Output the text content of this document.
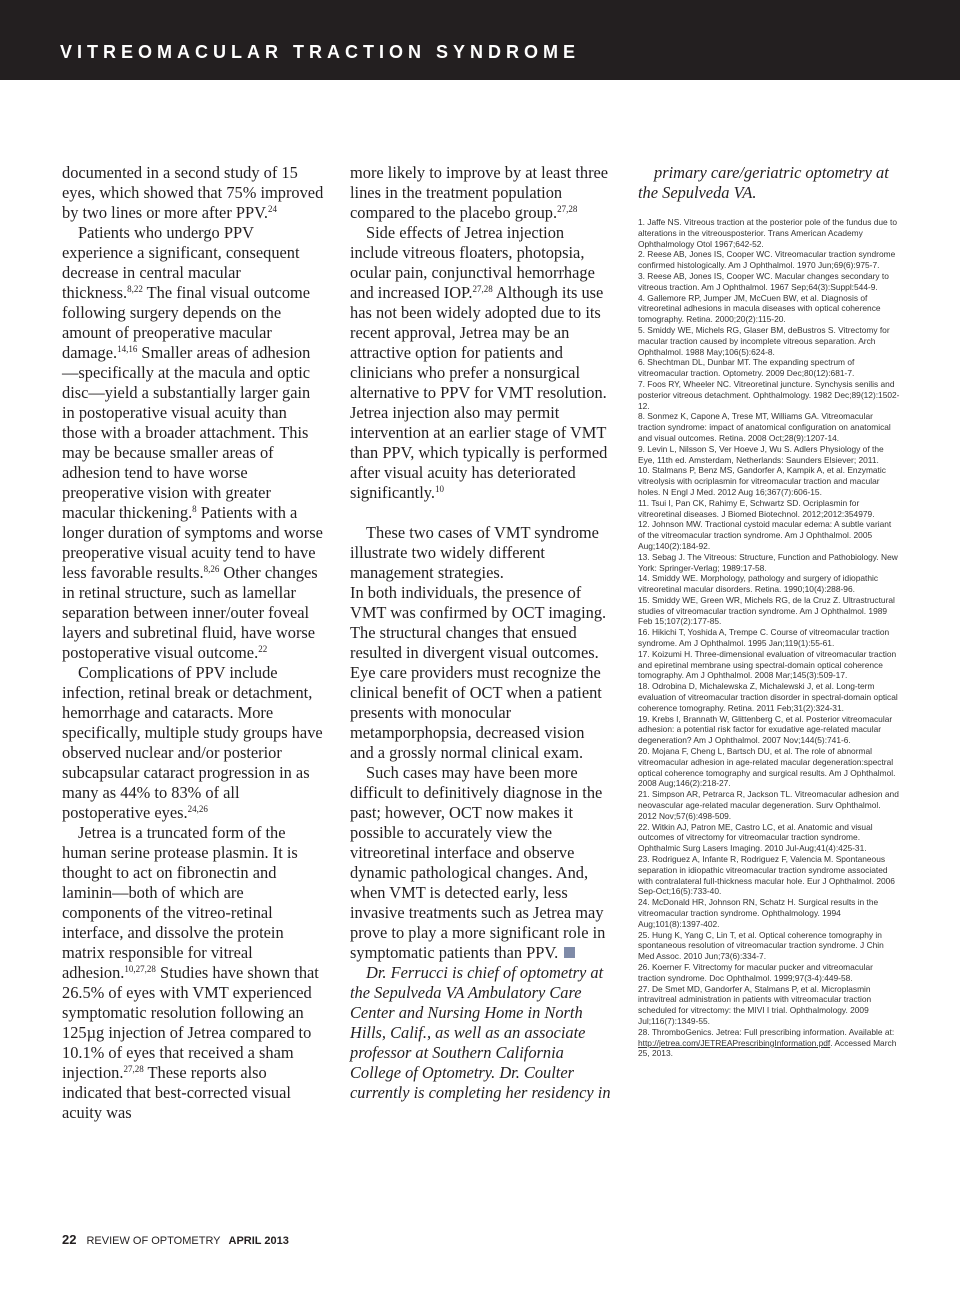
VITREOMACULAR TRACTION SYNDROME

documented in a second study of 15 eyes, which showed that 75% improved by two lines or more after PPV.$^{24}$

Patients who undergo PPV experience a significant, consequent decrease in central macular thickness.$^{8,22}$ The final visual outcome following surgery depends on the amount of preoperative macular damage.$^{14,16}$ Smaller areas of adhesion—specifically at the macula and optic disc—yield a substantially larger gain in postoperative visual acuity than those with a broader attachment. This may be because smaller areas of adhesion tend to have worse preoperative vision with greater macular thickening.$^8$ Patients with a longer duration of symptoms and worse preoperative visual acuity tend to have less favorable results.$^{8,26}$ Other changes in retinal structure, such as lamellar separation between inner/outer foveal layers and subretinal fluid, have worse postoperative visual outcome.$^{22}$

Complications of PPV include infection, retinal break or detachment, hemorrhage and cataracts. More specifically, multiple study groups have observed nuclear and/or posterior subcapsular cataract progression in as many as 44% to 83% of all postoperative eyes.$^{24,26}$

Jetrea is a truncated form of the human serine protease plasmin. It is thought to act on fibronectin and laminin—both of which are components of the vitreo-retinal interface, and dissolve the protein matrix responsible for vitreal adhesion.$^{10,27,28}$ Studies have shown that 26.5% of eyes with VMT experienced symptomatic resolution following an 125µg injection of Jetrea compared to 10.1% of eyes that received a sham injection.$^{27,28}$ These reports also indicated that best-corrected visual acuity was

more likely to improve by at least three lines in the treatment population compared to the placebo group.$^{27,28}$

Side effects of Jetrea injection include vitreous floaters, photopsia, ocular pain, conjunctival hemorrhage and increased IOP.$^{27,28}$ Although its use has not been widely adopted due to its recent approval, Jetrea may be an attractive option for patients and clinicians who prefer a nonsurgical alternative to PPV for VMT resolution. Jetrea injection also may permit intervention at an earlier stage of VMT than PPV, which typically is performed after visual acuity has deteriorated significantly.$^{10}$

These two cases of VMT syndrome illustrate two widely different management strategies.

In both individuals, the presence of VMT was confirmed by OCT imaging. The structural changes that ensued resulted in divergent visual outcomes. Eye care providers must recognize the clinical benefit of OCT when a patient presents with monocular metamporphopsia, decreased vision and a grossly normal clinical exam.

Such cases may have been more difficult to definitively diagnose in the past; however, OCT now makes it possible to accurately view the vitreoretinal interface and observe dynamic pathological changes. And, when VMT is detected early, less invasive treatments such as Jetrea may prove to play a more significant role in symptomatic patients than PPV.

Dr. Ferrucci is chief of optometry at the Sepulveda VA Ambulatory Care Center and Nursing Home in North Hills, Calif., as well as an associate professor at Southern California College of Optometry. Dr. Coulter currently is completing her residency in

primary care/geriatric optometry at the Sepulveda VA.

1. Jaffe NS. Vitreous traction at the posterior pole of the fundus due to alterations in the vitreousposterior. Trans American Academy Ophthalmology Otol 1967;642-52.
2. Reese AB, Jones IS, Cooper WC. Vitreomacular traction syndrome confirmed histologically. Am J Ophthalmol. 1970 Jun;69(6):975-7.
3. Reese AB, Jones IS, Cooper WC. Macular changes secondary to vitreous traction. Am J Ophthalmol. 1967 Sep;64(3):Suppl:544-9.
4. Gallemore RP, Jumper JM, McCuen BW, et al. Diagnosis of vitreoretinal adhesions in macula diseases with optical coherence tomography. Retina. 2000;20(2):115-20.
5. Smiddy WE, Michels RG, Glaser BM, deBustros S. Vitrectomy for macular traction caused by incomplete vitreous separation. Arch Ophthalmol. 1988 May;106(5):624-8.
6. Shechtman DL, Dunbar MT. The expanding spectrum of vitreomacular traction. Optometry. 2009 Dec;80(12):681-7.
7. Foos RY, Wheeler NC. Vitreoretinal juncture. Synchysis senilis and posterior vitreous detachment. Ophthalmology. 1982 Dec;89(12):1502-12.
8. Sonmez K, Capone A, Trese MT, Williams GA. Vitreomacular traction syndrome: impact of anatomical configuration on anatomical and visual outcomes. Retina. 2008 Oct;28(9):1207-14.
9. Levin L, Nilsson S, Ver Hoeve J, Wu S. Adlers Physiology of the Eye, 11th ed. Amsterdam, Netherlands: Saunders Elsiever; 2011.
10. Stalmans P, Benz MS, Gandorfer A, Kampik A, et al. Enzymatic vitreolysis with ocriplasmin for vitreomacular traction and macular holes. N Engl J Med. 2012 Aug 16;367(7):606-15.
11. Tsui I, Pan CK, Rahimy E, Schwartz SD. Ocriplasmin for vitreoretinal diseases. J Biomed Biotechnol. 2012;2012:354979.
12. Johnson MW. Tractional cystoid macular edema: A subtle variant of the vitreomacular traction syndrome. Am J Ophthalmol. 2005 Aug;140(2):184-92.
13. Sebag J. The Vitreous: Structure, Function and Pathobiology. New York: Springer-Verlag; 1989:17-58.
14. Smiddy WE. Morphology, pathology and surgery of idiopathic vitreoretinal macular disorders. Retina. 1990;10(4):288-96.
15. Smiddy WE, Green WR, Michels RG, de la Cruz Z. Ultrastructural studies of vitreomacular traction syndrome. Am J Ophthalmol. 1989 Feb 15;107(2):177-85.
16. Hikichi T, Yoshida A, Trempe C. Course of vitreomacular traction syndrome. Am J Ophthalmol. 1995 Jan;119(1):55-61.
17. Koizumi H. Three-dimensional evaluation of vitreomacular traction and epiretinal membrane using spectral-domain optical coherence tomography. Am J Ophthalmol. 2008 Mar;145(3):509-17.
18. Odrobina D, Michalewska Z, Michalewski J, et al. Long-term evaluation of vitreomacular traction disorder in spectral-domain optical coherence tomography. Retina. 2011 Feb;31(2):324-31.
19. Krebs I, Brannath W, Glittenberg C, et al. Posterior vitreomacular adhesion: a potential risk factor for exudative age-related macular degeneration? Am J Ophthalmol. 2007 Nov;144(5):741-6.
20. Mojana F, Cheng L, Bartsch DU, et al. The role of abnormal vitreomacular adhesion in age-related macular degeneration:spectral optical coherence tomography and surgical results. Am J Ophthalmol. 2008 Aug;146(2):218-27.
21. Simpson AR, Petrarca R, Jackson TL. Vitreomacular adhesion and neovascular age-related macular degeneration. Surv Ophthalmol. 2012 Nov;57(6):498-509.
22. Witkin AJ, Patron ME, Castro LC, et al. Anatomic and visual outcomes of vitrectomy for vitreomacular traction syndrome. Ophthalmic Surg Lasers Imaging. 2010 Jul-Aug;41(4):425-31.
23. Rodriguez A, Infante R, Rodriguez F, Valencia M. Spontaneous separation in idiopathic vitreomacular traction syndrome associated with contralateral full-thickness macular hole. Eur J Ophthalmol. 2006 Sep-Oct;16(5):733-40.
24. McDonald HR, Johnson RN, Schatz H. Surgical results in the vitreomacular traction syndrome. Ophthalmology. 1994 Aug;101(8):1397-402.
25. Hung K, Yang C, Lin T, et al. Optical coherence tomography in spontaneous resolution of vitreomacular traction syndrome. J Chin Med Assoc. 2010 Jun;73(6):334-7.
26. Koerner F. Vitrectomy for macular pucker and vitreomacular traction syndrome. Doc Ophthalmol. 1999;97(3-4):449-58.
27. De Smet MD, Gandorfer A, Stalmans P, et al. Microplasmin intravitreal administration in patients with vitreomacular traction scheduled for vitrectomy: the MIVI I trial. Ophthalmology. 2009 Jul;116(7):1349-55.
28. ThromboGenics. Jetrea: Full prescribing information. Available at: http://jetrea.com/JETREAPrescribingInformation.pdf. Accessed March 25, 2013.
22 REVIEW OF OPTOMETRY APRIL 2013
